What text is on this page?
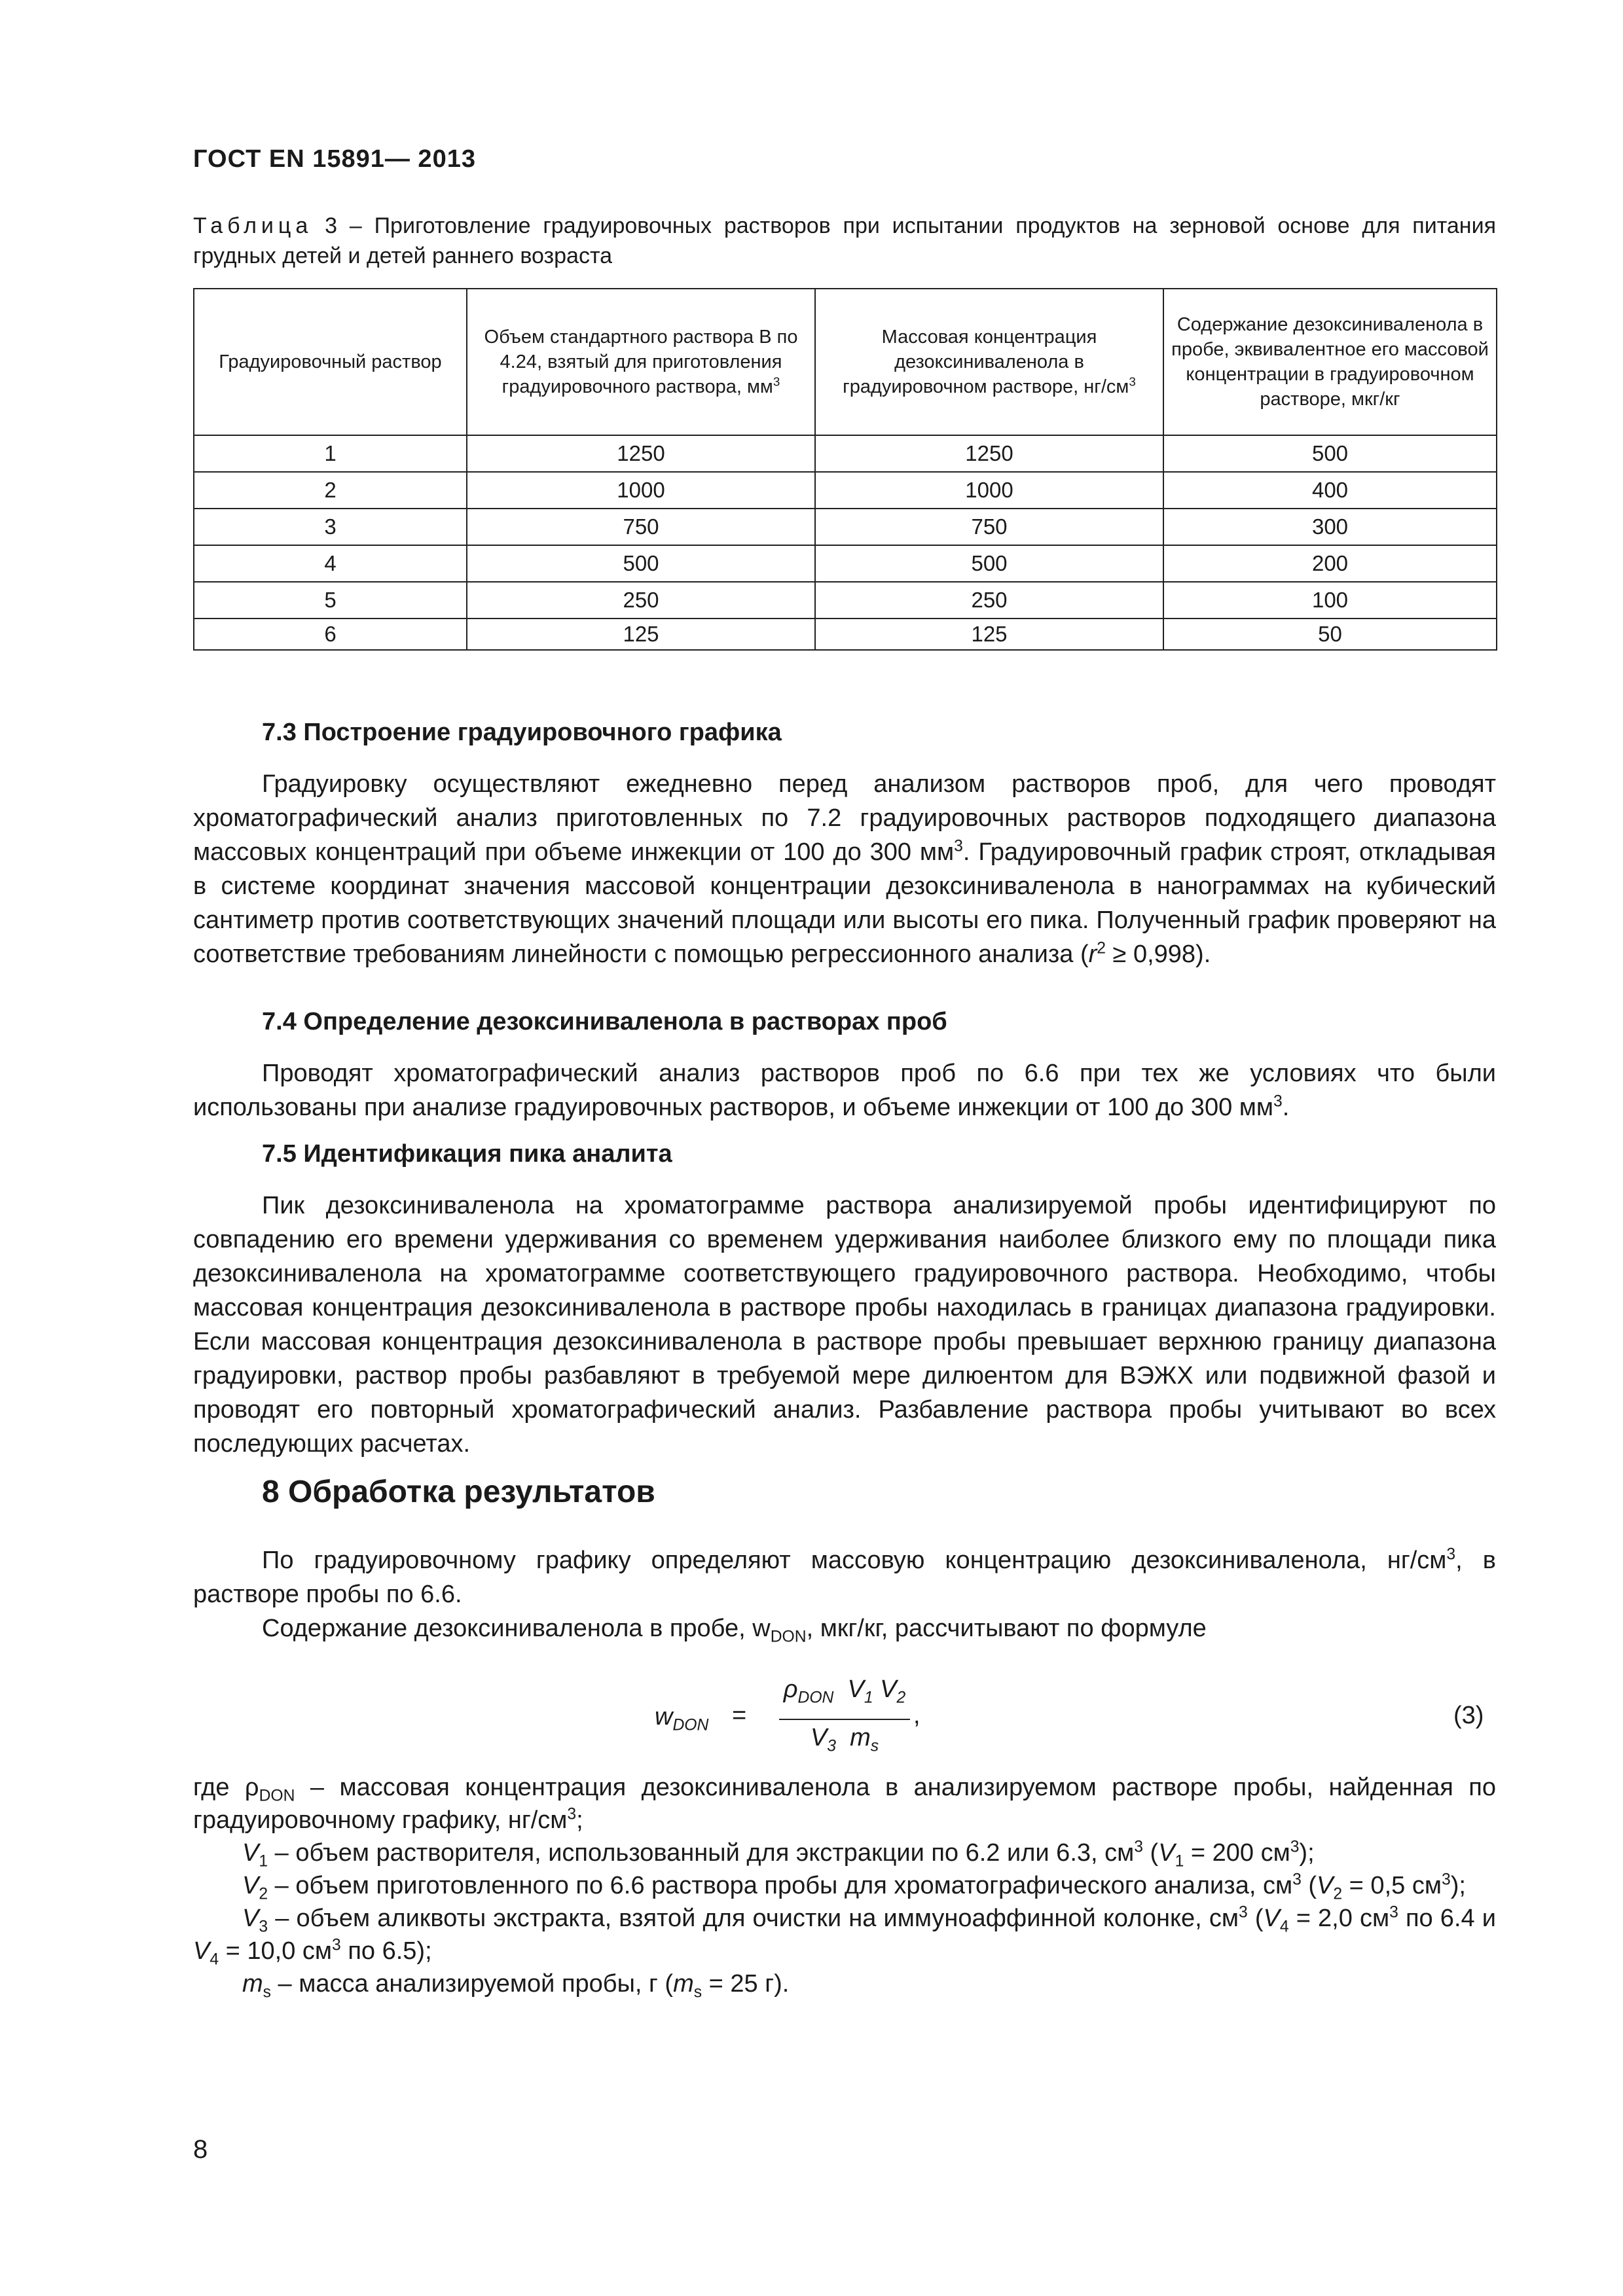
ГОСТ EN 15891— 2013
Таблица 3 – Приготовление градуировочных растворов при испытании продуктов на зерновой основе для питания грудных детей и детей раннего возраста
Градуировочный раствор	Объем стандартного раствора В по 4.24, взятый для приготовления градуировочного раствора, $мм^3$	Массовая концентрация дезоксиниваленола в градуировочном растворе, $нг/см^3$	Содержание дезоксиниваленола в пробе, эквивалентное его массовой концентрации в градуировочном растворе, мкг/кг
1	1250	1250	500
2	1000	1000	400
3	750	750	300
4	500	500	200
5	250	250	100
6	125	125	50
7.3 Построение градуировочного графика

Градуировку осуществляют ежедневно перед анализом растворов проб, для чего проводят хроматографический анализ приготовленных по 7.2 градуировочных растворов подходящего диапазона массовых концентраций при объеме инжекции от 100 до 300 $мм^3$. Градуировочный график строят, откладывая в системе координат значения массовой концентрации дезоксиниваленола в нанограммах на кубический сантиметр против соответствующих значений площади или высоты его пика. Полученный график проверяют на соответствие требованиям линейности с помощью регрессионного анализа $(r^2 \ge 0,998)$.

7.4 Определение дезоксиниваленола в растворах проб

Проводят хроматографический анализ растворов проб по 6.6 при тех же условиях что были использованы при анализе градуировочных растворов, и объеме инжекции от 100 до 300 $мм^3$.

7.5 Идентификация пика аналита

Пик дезоксиниваленола на хроматограмме раствора анализируемой пробы идентифицируют по совпадению его времени удерживания со временем удерживания наиболее близкого ему по площади пика дезоксиниваленола на хроматограмме соответствующего градуировочного раствора. Необходимо, чтобы массовая концентрация дезоксиниваленола в растворе пробы находилась в границах диапазона градуировки. Если массовая концентрация дезоксиниваленола в растворе пробы превышает верхнюю границу диапазона градуировки, раствор пробы разбавляют в требуемой мере дилюентом для ВЭЖХ или подвижной фазой и проводят его повторный хроматографический анализ. Разбавление раствора пробы учитывают во всех последующих расчетах.

8 Обработка результатов

По градуировочному графику определяют массовую концентрацию дезоксиниваленола, $нг/см^3$, в растворе пробы по 6.6.

Содержание дезоксиниваленола в пробе, $w_{DON}$, мкг/кг, рассчитывают по формуле

$w_{DON}$ =
$\rho_{DON}$ $V_1$ $V_2$
$V_3$ $m_s$
,	(3)
где $\rho_{DON}$ – массовая концентрация дезоксиниваленола в анализируемом растворе пробы, найденная по градуировочному графику, $нг/см^3$;
$V_1$ – объем растворителя, использованный для экстракции по 6.2 или 6.3, $см^3$ ($V_1 = 200$ $см^3$);
$V_2$ – объем приготовленного по 6.6 раствора пробы для хроматографического анализа, $см^3$ ($V_2 = 0,5$ $см^3$);
$V_3$ – объем аликвоты экстракта, взятой для очистки на иммуноаффинной колонке, $см^3$ ($V_4 = 2,0$ $см^3$ по 6.4 и $V_4 = 10,0$ $см^3$ по 6.5);
$m_s$ – масса анализируемой пробы, г ($m_s = 25$ г).
8
